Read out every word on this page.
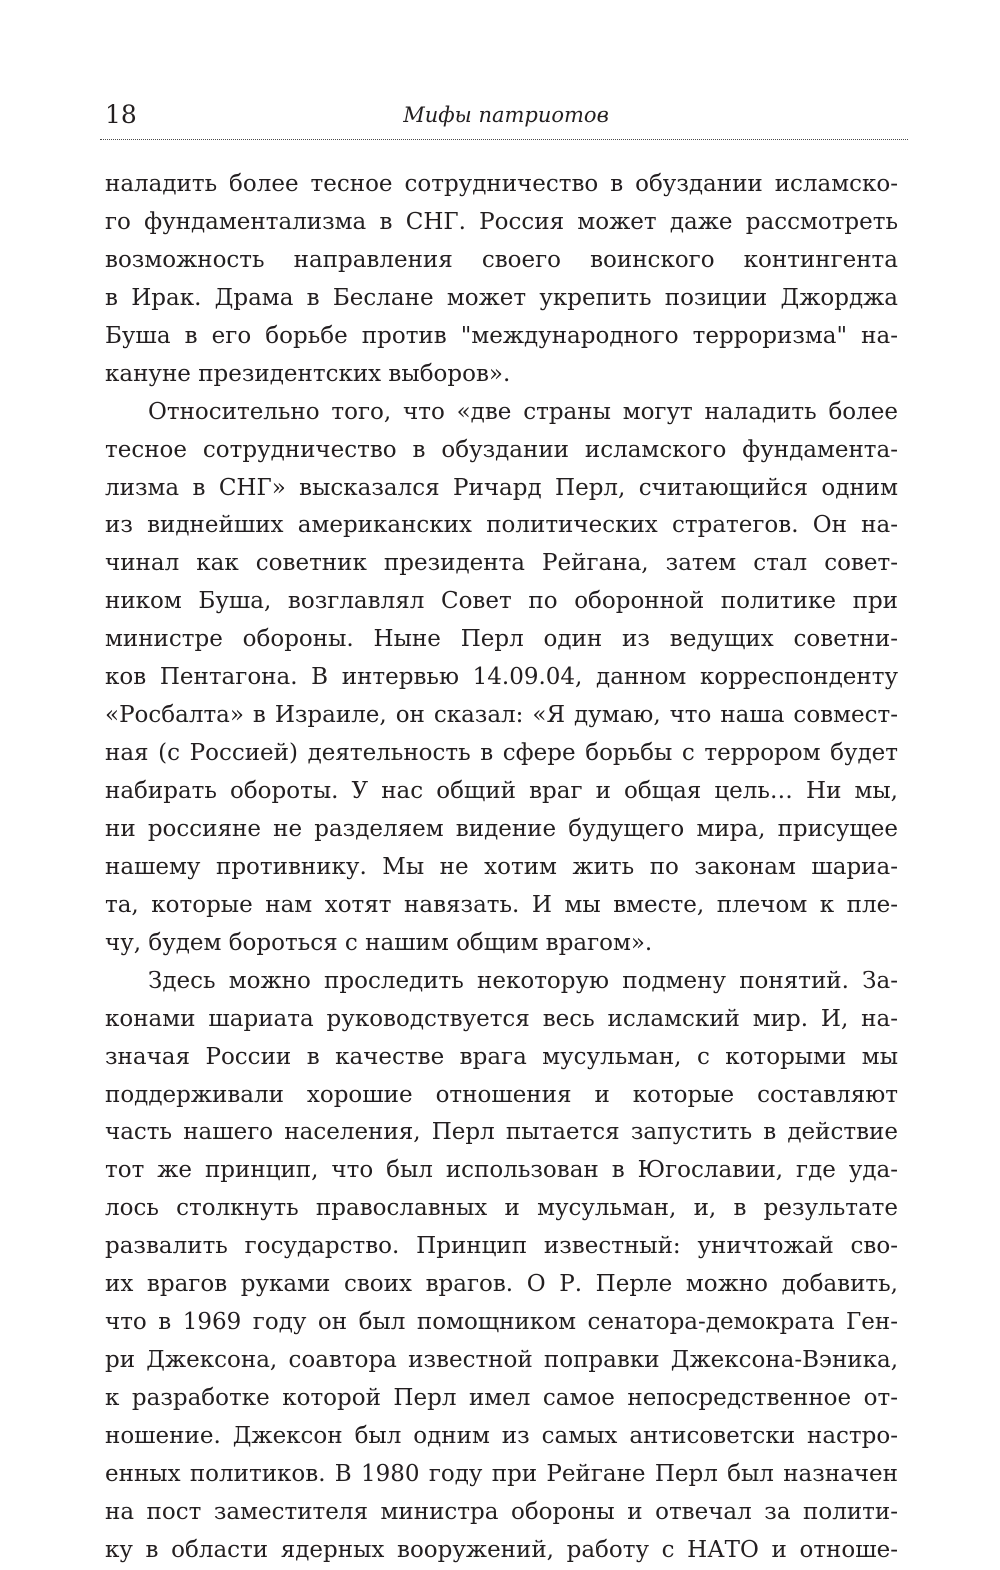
18	Мифы патриотов
наладить более тесное сотрудничество в обуздании исламско-
го фундаментализма в СНГ. Россия может даже рассмотреть
возможность направления своего воинского контингента
в Ирак. Драма в Беслане может укрепить позиции Джорджа
Буша в его борьбе против "международного терроризма" на-
кануне президентских выборов».
Относительно того, что «две страны могут наладить более
тесное сотрудничество в обуздании исламского фундамента-
лизма в СНГ» высказался Ричард Перл, считающийся одним
из виднейших американских политических стратегов. Он на-
чинал как советник президента Рейгана, затем стал совет-
ником Буша, возглавлял Совет по оборонной политике при
министре обороны. Ныне Перл один из ведущих советни-
ков Пентагона. В интервью 14.09.04, данном корреспонденту
«Росбалта» в Израиле, он сказал: «Я думаю, что наша совмест-
ная (с Россией) деятельность в сфере борьбы с террором будет
набирать обороты. У нас общий враг и общая цель… Ни мы,
ни россияне не разделяем видение будущего мира, присущее
нашему противнику. Мы не хотим жить по законам шариа-
та, которые нам хотят навязать. И мы вместе, плечом к пле-
чу, будем бороться с нашим общим врагом».
Здесь можно проследить некоторую подмену понятий. За-
конами шариата руководствуется весь исламский мир. И, на-
значая России в качестве врага мусульман, с которыми мы
поддерживали хорошие отношения и которые составляют
часть нашего населения, Перл пытается запустить в действие
тот же принцип, что был использован в Югославии, где уда-
лось столкнуть православных и мусульман, и, в результате
развалить государство. Принцип известный: уничтожай сво-
их врагов руками своих врагов. О Р. Перле можно добавить,
что в 1969 году он был помощником сенатора-демократа Ген-
ри Джексона, соавтора известной поправки Джексона-Вэника,
к разработке которой Перл имел самое непосредственное от-
ношение. Джексон был одним из самых антисоветски настро-
енных политиков. В 1980 году при Рейгане Перл был назначен
на пост заместителя министра обороны и отвечал за полити-
ку в области ядерных вооружений, работу с НАТО и отноше-
